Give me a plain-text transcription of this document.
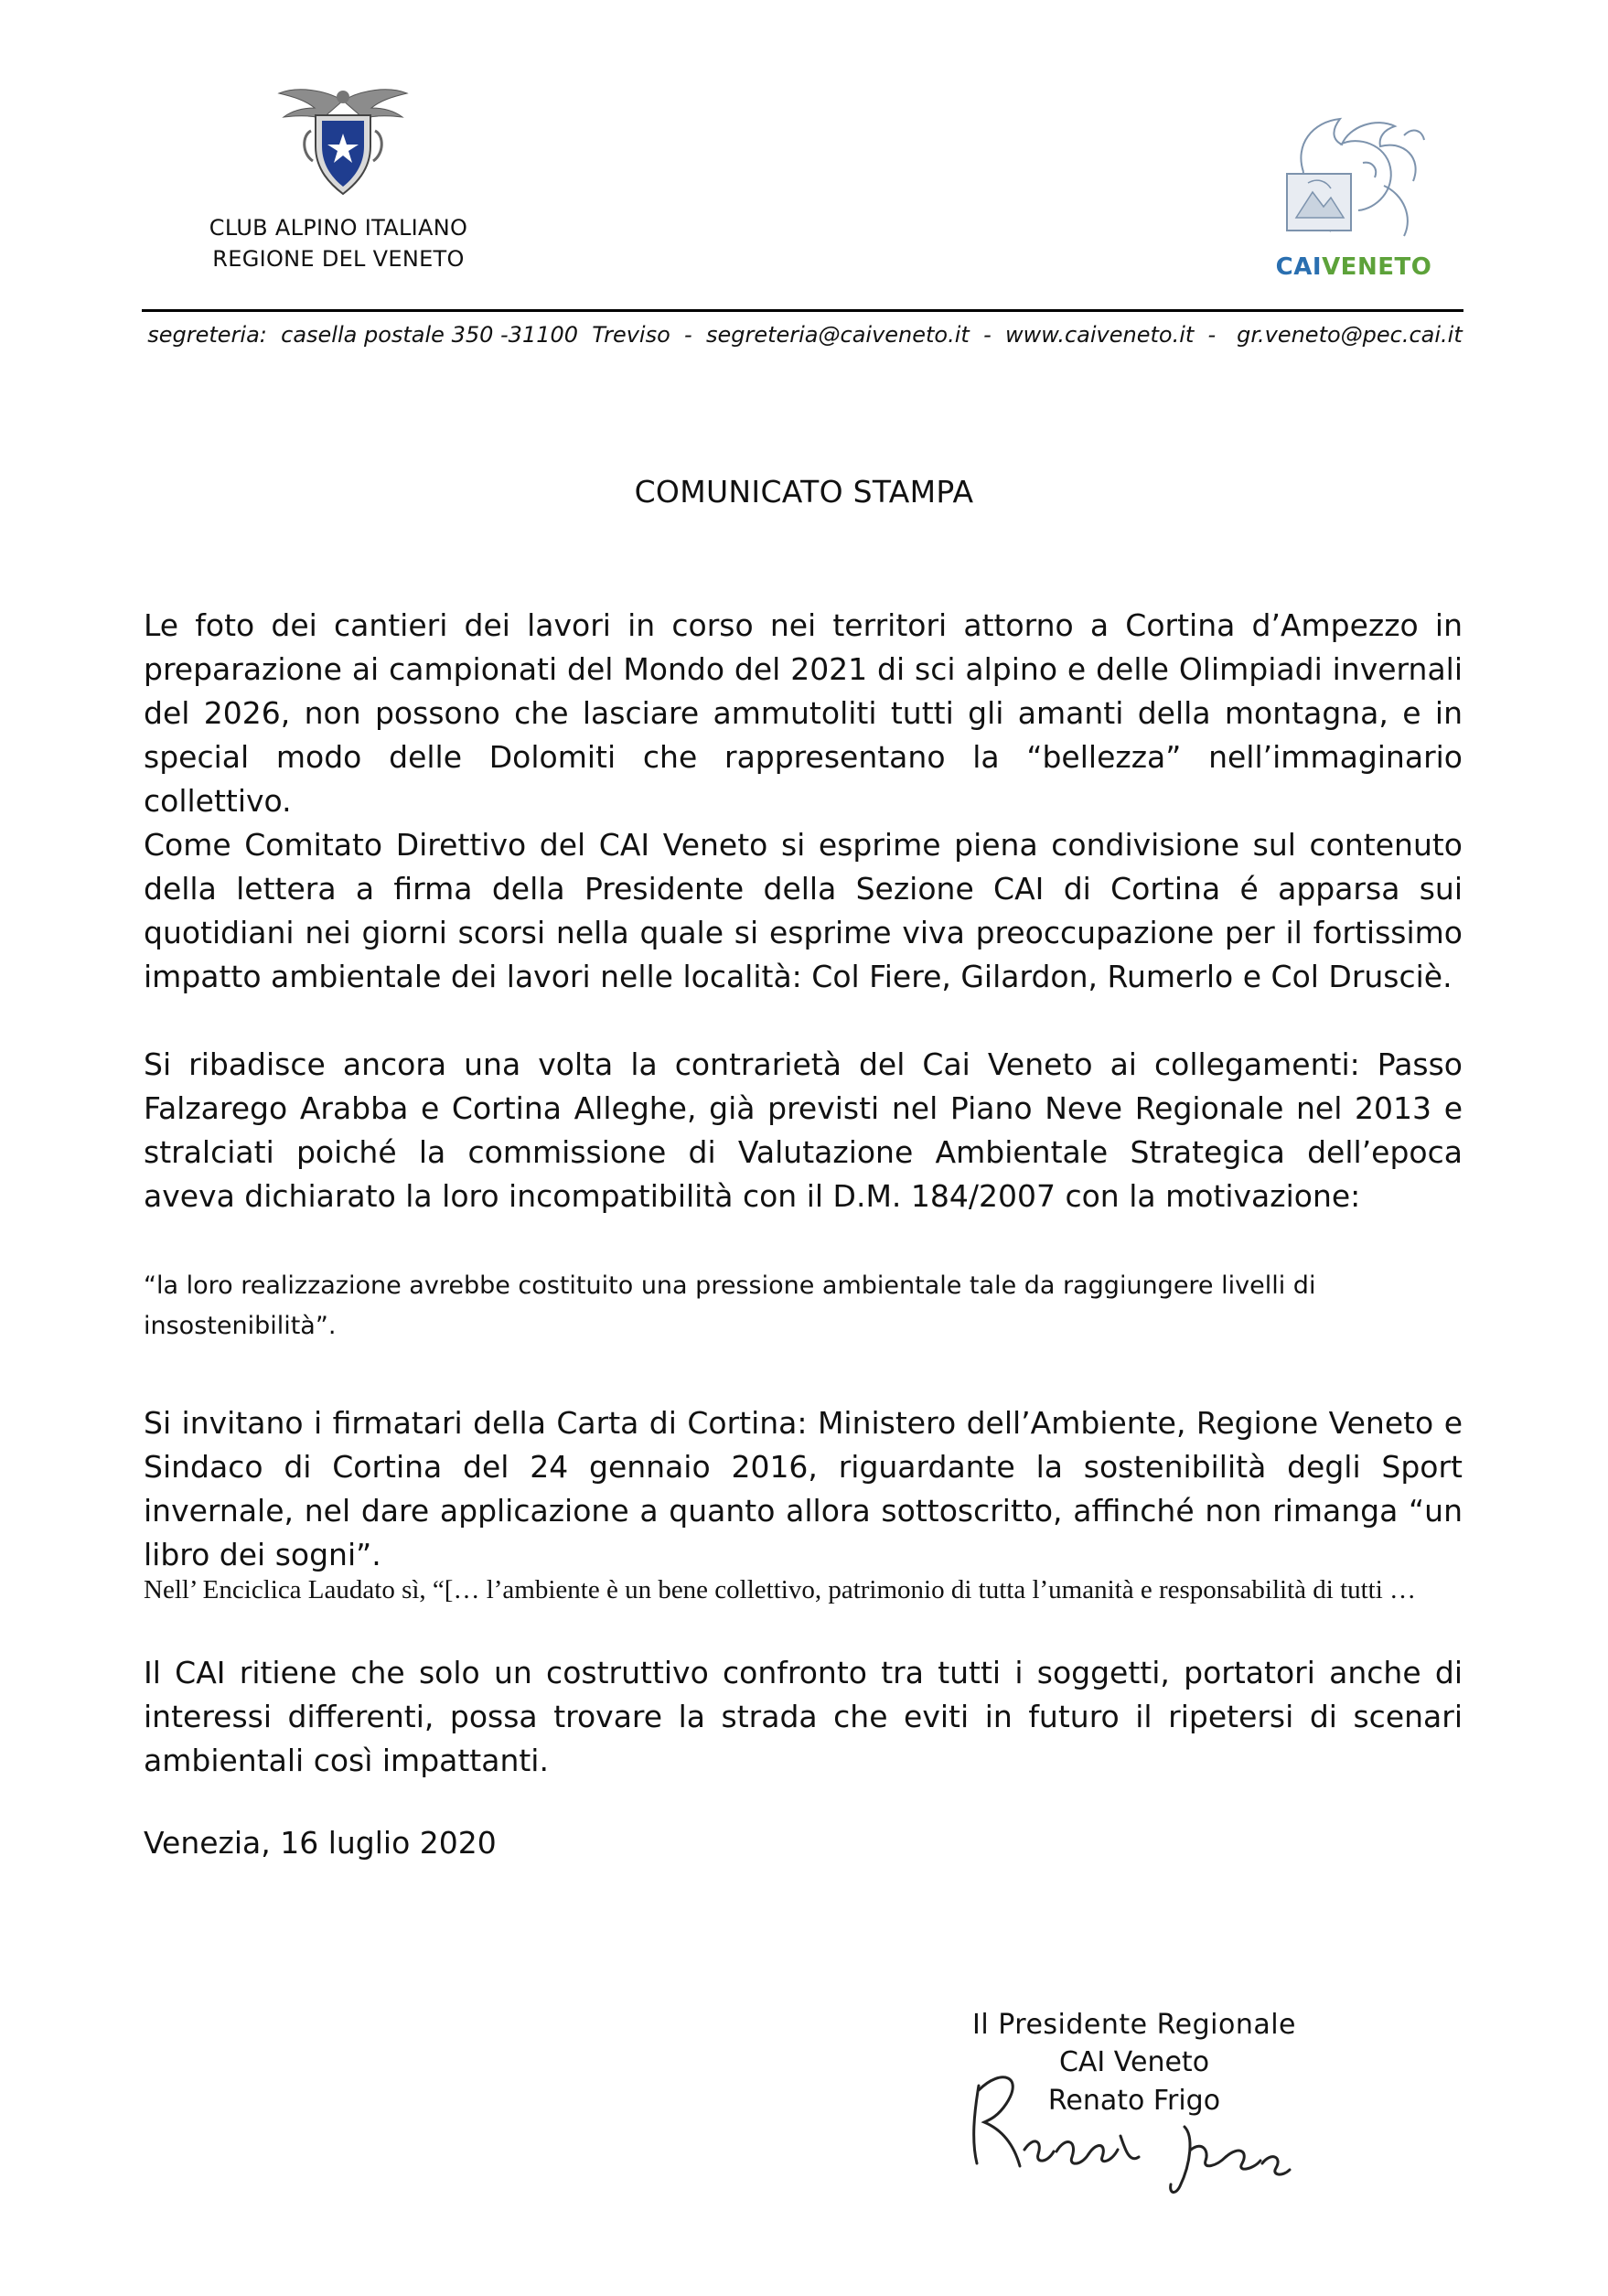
CLUB ALPINO ITALIANO
REGIONE DEL VENETO	CAIVENETO
segreteria:  casella postale 350 -31100  Treviso  -  segreteria@caiveneto.it  -  www.caiveneto.it  -   gr.veneto@pec.cai.it
COMUNICATO STAMPA
Le foto dei cantieri dei lavori in corso nei territori attorno a Cortina d’Ampezzo in preparazione ai campionati del Mondo del 2021 di sci alpino e delle Olimpiadi invernali del 2026, non possono che lasciare ammutoliti tutti gli amanti della montagna, e in special modo delle Dolomiti che rappresentano la “bellezza” nell’immaginario collettivo.
Come Comitato Direttivo del CAI Veneto si esprime piena condivisione sul contenuto della lettera a firma della Presidente della Sezione CAI di Cortina é apparsa sui quotidiani nei giorni scorsi nella quale si esprime viva preoccupazione per il fortissimo impatto ambientale dei lavori nelle località: Col Fiere, Gilardon, Rumerlo e Col Drusciè.
Si ribadisce ancora una volta la contrarietà del Cai Veneto ai collegamenti: Passo Falzarego Arabba e Cortina Alleghe, già previsti nel Piano Neve Regionale nel 2013 e stralciati poiché la commissione di Valutazione Ambientale Strategica dell’epoca aveva dichiarato la loro incompatibilità con il D.M. 184/2007 con la motivazione:
“la loro realizzazione avrebbe costituito una pressione ambientale tale da raggiungere livelli di insostenibilità”.
Si invitano i firmatari della Carta di Cortina: Ministero dell’Ambiente, Regione Veneto e Sindaco di Cortina del 24 gennaio 2016, riguardante la sostenibilità degli Sport invernale, nel dare applicazione a quanto allora sottoscritto, affinché non rimanga “un libro dei sogni”.
Nell’ Enciclica Laudato sì, “[… l’ambiente è un bene collettivo, patrimonio di tutta l’umanità e responsabilità di tutti …
Il CAI ritiene che solo un costruttivo confronto tra tutti i soggetti, portatori anche di interessi differenti, possa trovare la strada che eviti in futuro il ripetersi di scenari ambientali così impattanti.
Venezia, 16 luglio 2020
Il Presidente Regionale
CAI Veneto
Renato Frigo
